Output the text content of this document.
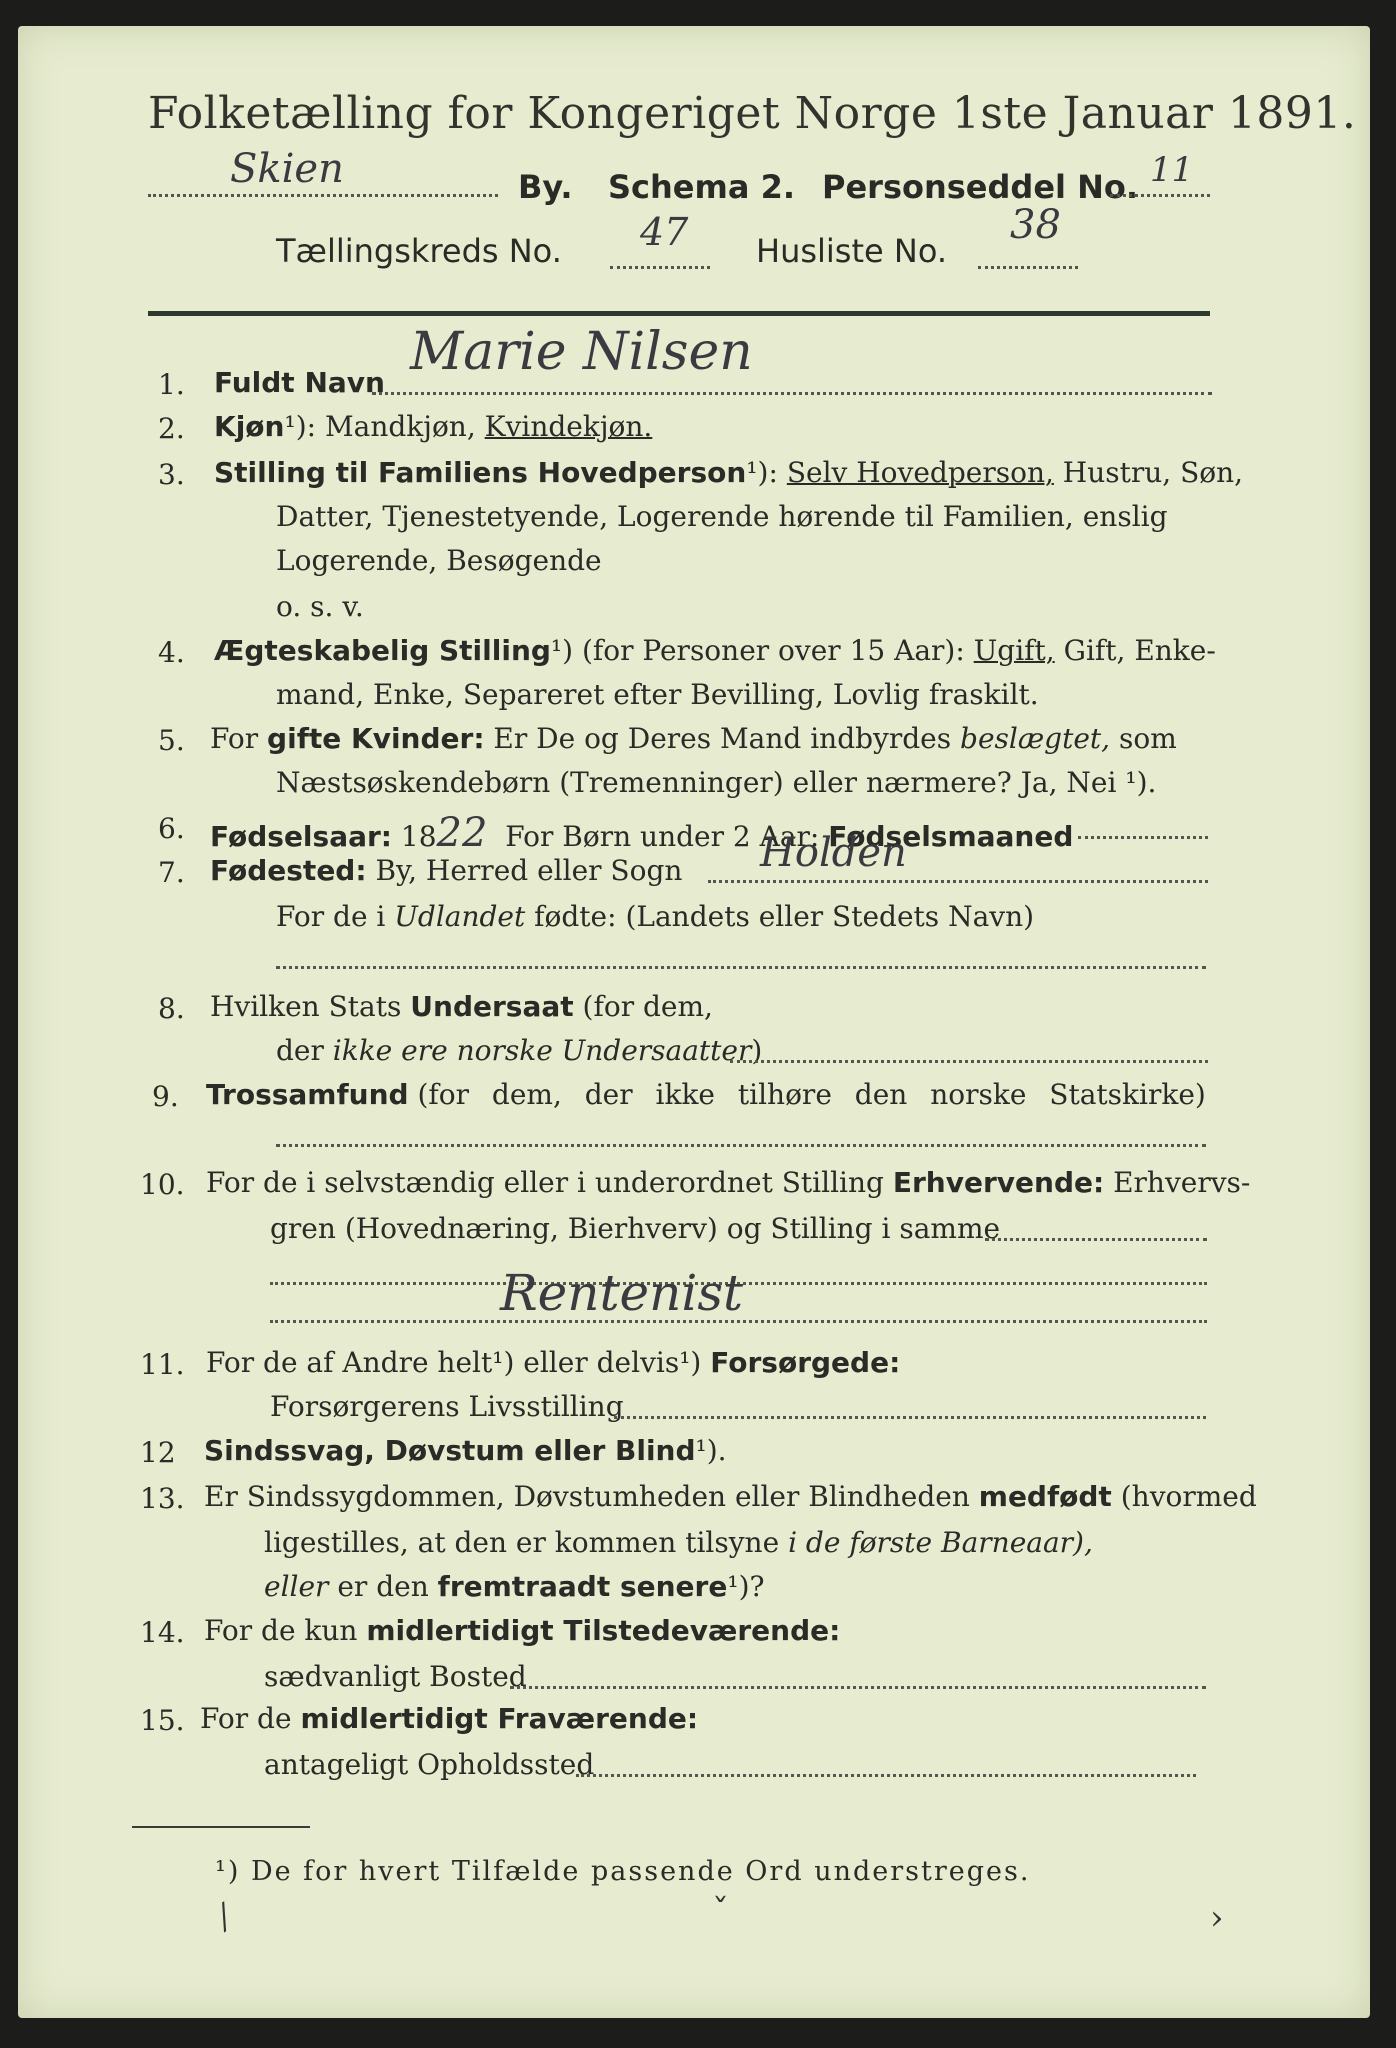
Folketælling for Kongeriget Norge 1ste Januar 1891.
Skien	By. Schema 2. Personseddel No. 11
Tællingskreds No. 47 Husliste No.
38
1. Fuldt Navn
Marie Nilsen
2. Kjøn¹): Mandkjøn, Kvindekjøn.
3. Stilling til Familiens Hovedperson¹): Selv Hovedperson, Hustru, Søn,
Datter, Tjenestetyende, Logerende hørende til Familien, enslig
Logerende, Besøgende
o. s. v.
4. Ægteskabelig Stilling¹) (for Personer over 15 Aar): Ugift, Gift, Enke-
mand, Enke, Separeret efter Bevilling, Lovlig fraskilt.
5. For gifte Kvinder: Er De og Deres Mand indbyrdes beslægtet, som
Næstsøskendebørn (Tremenninger) eller nærmere? Ja, Nei ¹).
6. Fødselsaar: 1822 For Børn under 2 Aar: Fødselsmaaned
7. Fødested: By, Herred eller Sogn Holden
For de i Udlandet fødte: (Landets eller Stedets Navn)
8. Hvilken Stats Undersaat (for dem,
der ikke ere norske Undersaatter)
9. Trossamfund (for dem, der ikke tilhøre den norske Statskirke)
10. For de i selvstændig eller i underordnet Stilling Erhvervende: Erhvervs-
gren (Hovednæring, Bierhverv) og Stilling i samme
Rentenist
11. For de af Andre helt¹) eller delvis¹) Forsørgede:
Forsørgerens Livsstilling
12 Sindssvag, Døvstum eller Blind¹).
13. Er Sindssygdommen, Døvstumheden eller Blindheden medfødt (hvormed
ligestilles, at den er kommen tilsyne i de første Barneaar),
eller er den fremtraadt senere¹)?
14. For de kun midlertidigt Tilstedeværende:
sædvanligt Bosted
15. For de midlertidigt Fraværende:
antageligt Opholdssted
¹) De for hvert Tilfælde passende Ord understreges.
⁄	ˇ	›
